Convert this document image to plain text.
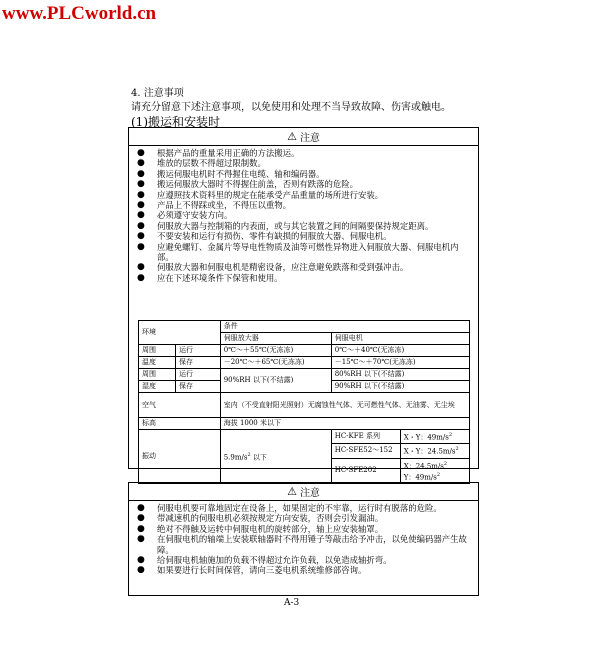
www.PLCworld.cn
4. 注意事项
请充分留意下述注意事项，以免使用和处理不当导致故障、伤害或触电。
(1)搬运和安装时
⚠ 注意
●	根据产品的重量采用正确的方法搬运。
●	堆放的层数不得超过限制数。
●	搬运伺服电机时不得握住电缆、轴和编码器。
●	搬运伺服放大器时不得握住前盖，否则有跌落的危险。
●	应遵照技术资料里的规定在能承受产品重量的场所进行安装。
●	产品上不得踩或坐，不得压以重物。
●	必须遵守安装方向。
●	伺服放大器与控制箱的内表面，或与其它装置之间的间隔要保持规定距离。
●	不要安装和运行有损伤、零件有缺损的伺服放大器、伺服电机。
●	应避免螺钉、金属片等导电性物质及油等可燃性异物进入伺服放大器、伺服电机内部。
●	伺服放大器和伺服电机是精密设备，应注意避免跌落和受到强冲击。
●	应在下述环境条件下保管和使用。
环境		条件		
		伺服放大器	伺服电机	
周围	运行	0℃～＋55℃(无冻冻)	0℃～＋40℃(无冻冻)	
温度	保存	－20℃～＋65℃(无冻冻)	－15℃～＋70℃(无冻冻)	
周围	运行	90%RH 以下(不结露)	80%RH 以下(不结露)	
湿度	保存		90%RH 以下(不结露)	
空气		室内（不受直射阳光照射）无腐蚀性气体、无可燃性气体、无油雾、无尘埃		
标高		海拔 1000 米以下		
振动		$5.9m/s^2$ 以下	HC-KFE 系列	X・Y：$49m/s^2$
			HC-SFE52～152	X・Y：$24.5m/s^2$
			HC-SFE202	X：$24.5m/s^2$
Y：$49m/s^2$
⚠ 注意
●	伺服电机要可靠地固定在设备上，如果固定的不牢靠，运行时有脱落的危险。
●	带减速机的伺服电机必须按规定方向安装，否则会引发漏油。
●	绝对不得触及运转中伺服电机的旋转部分，轴上应安装轴罩。
●	在伺服电机的轴端上安装联轴器时不得用锤子等敲击给予冲击，以免使编码器产生故障。
●	给伺服电机轴施加的负载不得超过允许负载，以免造成轴折弯。
●	如果要进行长时间保管，请向三菱电机系统维修部咨询。
A-3
